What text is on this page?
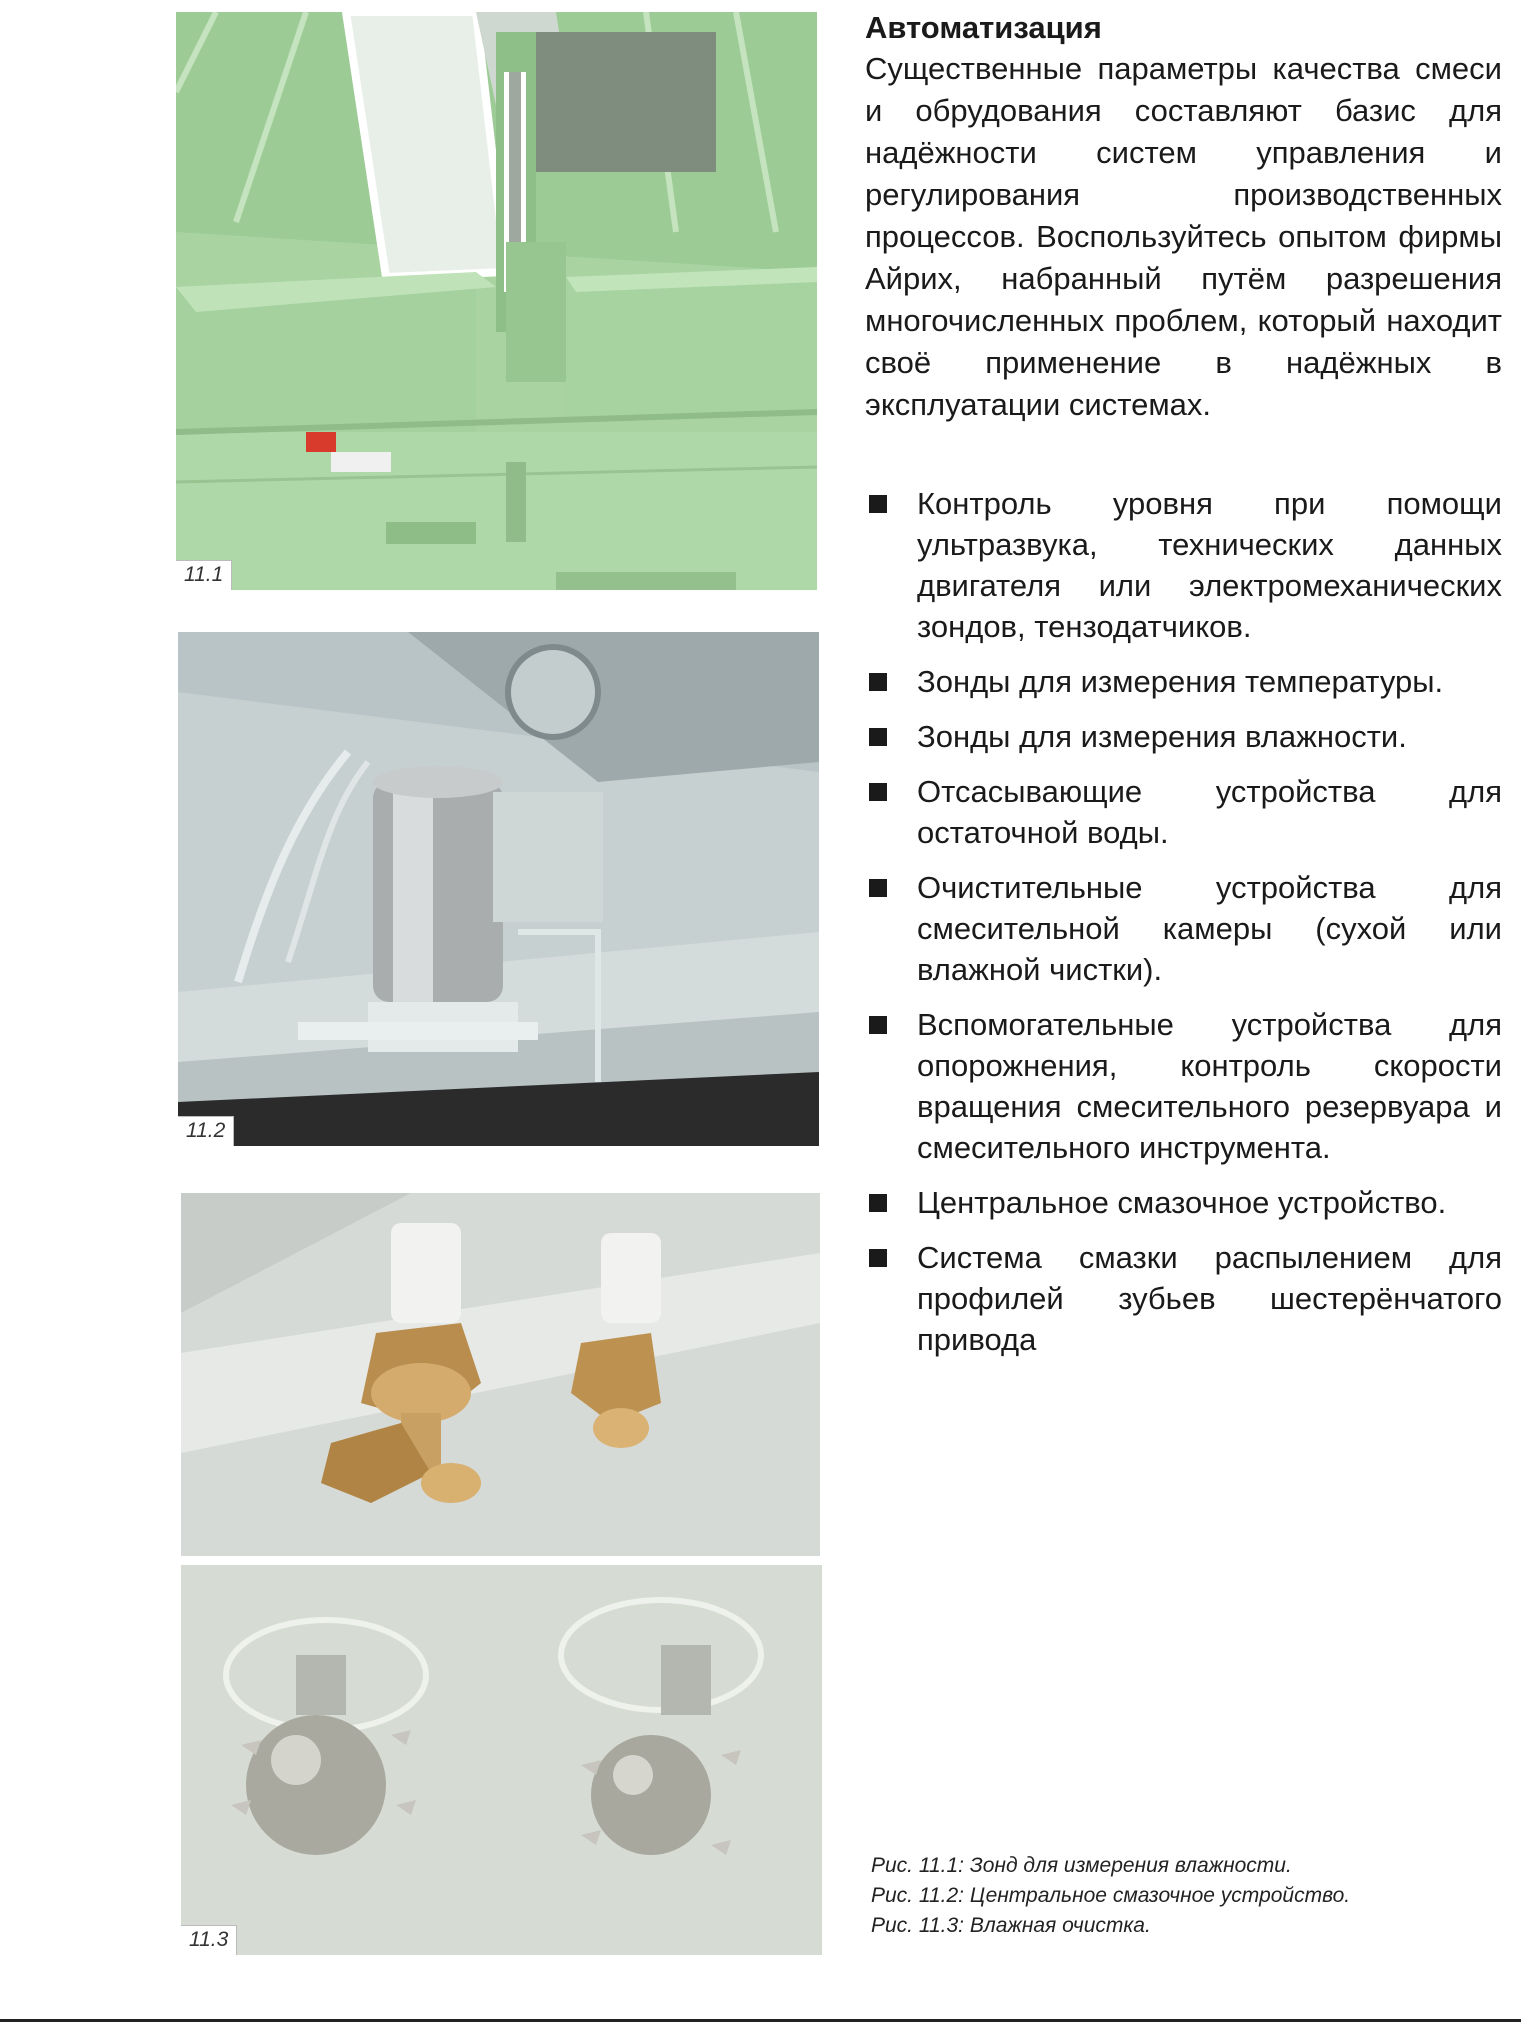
11.1
11.2
11.3
Автоматизация

Существенные параметры качества смеси и обрудования составляют базис для надёжности систем управления и регулирования производственных процессов. Воспользуйтесь опытом фирмы Айрих, набранный путём разрешения многочисленных проблем, который находит своё применение в надёжных в эксплуатации системах.

Контроль уровня при помощи ультразвука, технических данных двигателя или электромеханических зондов, тензодатчиков.
Зонды для измерения температуры.
Зонды для измерения влажности.
Отсасывающие устройства для остаточной воды.
Очистительные устройства для смесительной камеры (сухой или влажной чистки).
Вспомогательные устройства для опорожнения, контроль скорости вращения смесительного резервуара и смесительного инструмента.
Центральное смазочное устройство.
Система смазки распылением для профилей зубьев шестерёнчатого привода

Рис. 11.1: Зонд для измерения влажности.

Рис. 11.2: Центральное смазочное устройство.

Рис. 11.3: Влажная очистка.
